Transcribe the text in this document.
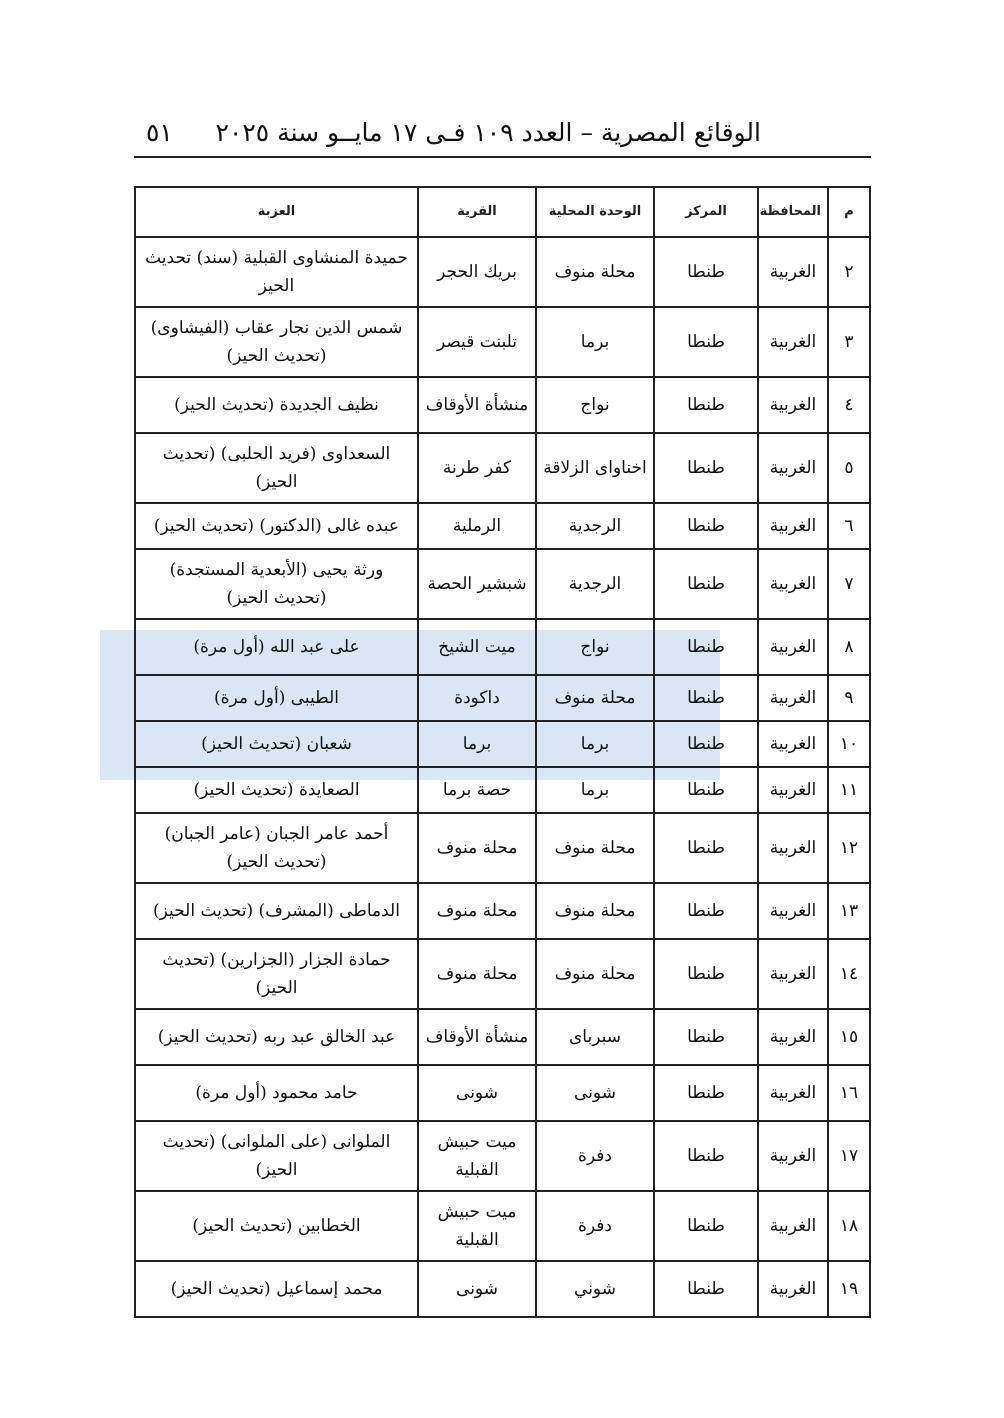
الوقائع المصرية – العدد ١٠٩ فـى ١٧ مايــو سنة ٢٠٢٥
٥١
م	المحافظة	المركز	الوحدة المحلية	القرية	العزبة
٢	الغربية	طنطا	محلة منوف	بريك الحجر	حميدة المنشاوى القبلية (سند) تحديث الحيز
٣	الغربية	طنطا	برما	تلبنت قيصر	شمس الدين نجار عقاب (الفيشاوى) (تحديث الحيز)
٤	الغربية	طنطا	نواج	منشأة الأوقاف	نظيف الجديدة (تحديث الحيز)
٥	الغربية	طنطا	اخناواى الزلاقة	كفر طرنة	السعداوى (فريد الحلبى) (تحديث الحيز)
٦	الغربية	طنطا	الرجدية	الرملية	عبده غالى (الدكتور) (تحديث الحيز)
٧	الغربية	طنطا	الرجدية	شبشير الحصة	ورثة يحيى (الأبعدية المستجدة) (تحديث الحيز)
٨	الغربية	طنطا	نواج	ميت الشيخ	على عبد الله (أول مرة)
٩	الغربية	طنطا	محلة منوف	داكودة	الطيبى (أول مرة)
١٠	الغربية	طنطا	برما	برما	شعبان (تحديث الحيز)
١١	الغربية	طنطا	برما	حصة برما	الصعايدة (تحديث الحيز)
١٢	الغربية	طنطا	محلة منوف	محلة منوف	أحمد عامر الجبان (عامر الجبان) (تحديث الحيز)
١٣	الغربية	طنطا	محلة منوف	محلة منوف	الدماطى (المشرف) (تحديث الحيز)
١٤	الغربية	طنطا	محلة منوف	محلة منوف	حمادة الجزار (الجزارين) (تحديث الحيز)
١٥	الغربية	طنطا	سبرباى	منشأة الأوقاف	عبد الخالق عبد ربه (تحديث الحيز)
١٦	الغربية	طنطا	شونى	شونى	حامد محمود (أول مرة)
١٧	الغربية	طنطا	دفرة	ميت حبيش القبلية	الملوانى (على الملوانى) (تحديث الحيز)
١٨	الغربية	طنطا	دفرة	ميت حبيش القبلية	الخطابين (تحديث الحيز)
١٩	الغربية	طنطا	شوني	شونى	محمد إسماعيل (تحديث الحيز)
